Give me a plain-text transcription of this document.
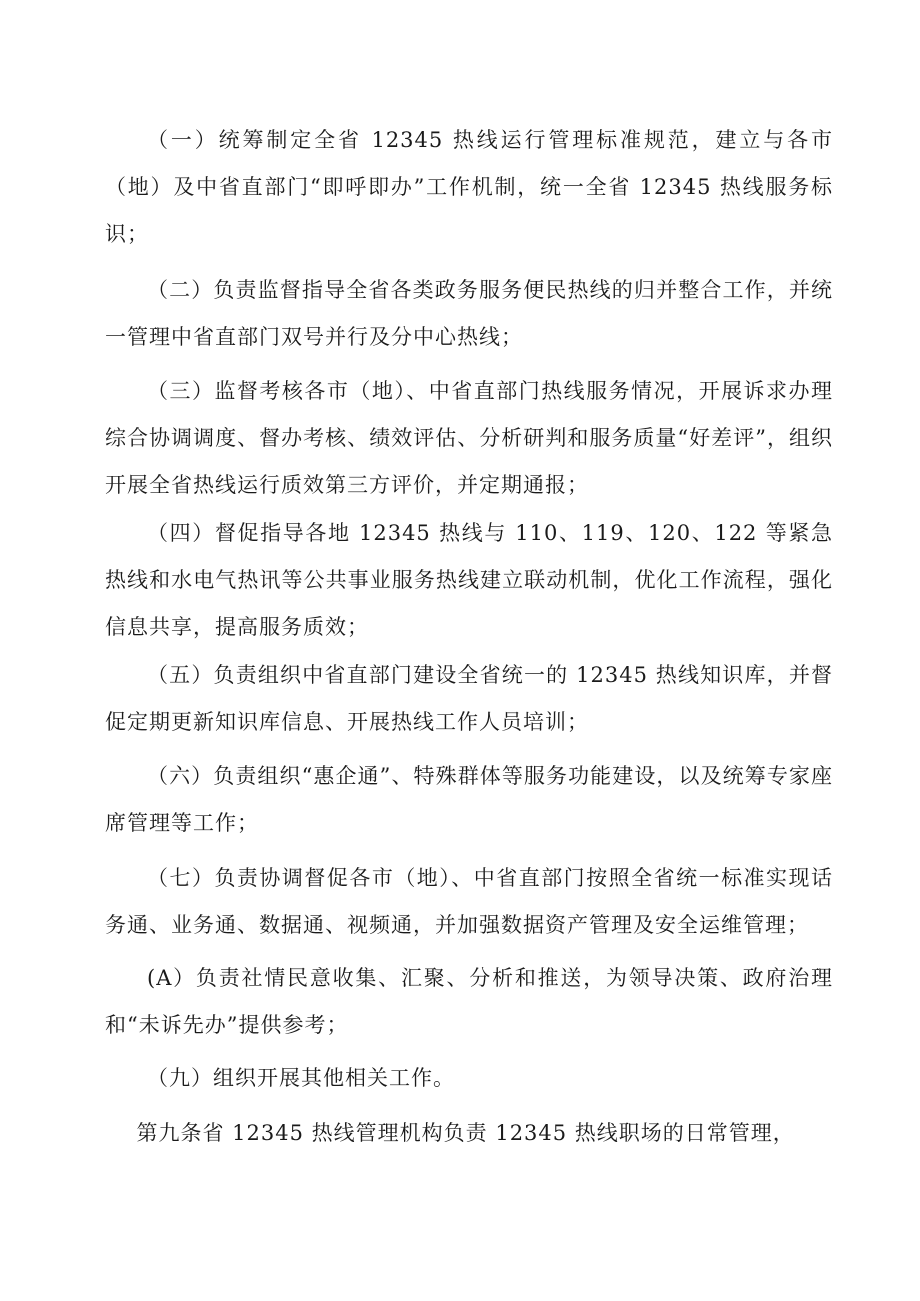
（一）统筹制定全省 12345 热线运行管理标准规范，建立与各市（地）及中省直部门“即呼即办”工作机制，统一全省 12345 热线服务标识；

（二）负责监督指导全省各类政务服务便民热线的归并整合工作，并统一管理中省直部门双号并行及分中心热线；

（三）监督考核各市（地）、中省直部门热线服务情况，开展诉求办理综合协调调度、督办考核、绩效评估、分析研判和服务质量“好差评”，组织开展全省热线运行质效第三方评价，并定期通报；

（四）督促指导各地 12345 热线与 110、119、120、122 等紧急热线和水电气热讯等公共事业服务热线建立联动机制，优化工作流程，强化信息共享，提高服务质效；

（五）负责组织中省直部门建设全省统一的 12345 热线知识库，并督促定期更新知识库信息、开展热线工作人员培训；

（六）负责组织“惠企通”、特殊群体等服务功能建设，以及统筹专家座席管理等工作；

（七）负责协调督促各市（地）、中省直部门按照全省统一标准实现话务通、业务通、数据通、视频通，并加强数据资产管理及安全运维管理；

(A）负责社情民意收集、汇聚、分析和推送，为领导决策、政府治理和“未诉先办”提供参考；

（九）组织开展其他相关工作。

第九条省 12345 热线管理机构负责 12345 热线职场的日常管理，
